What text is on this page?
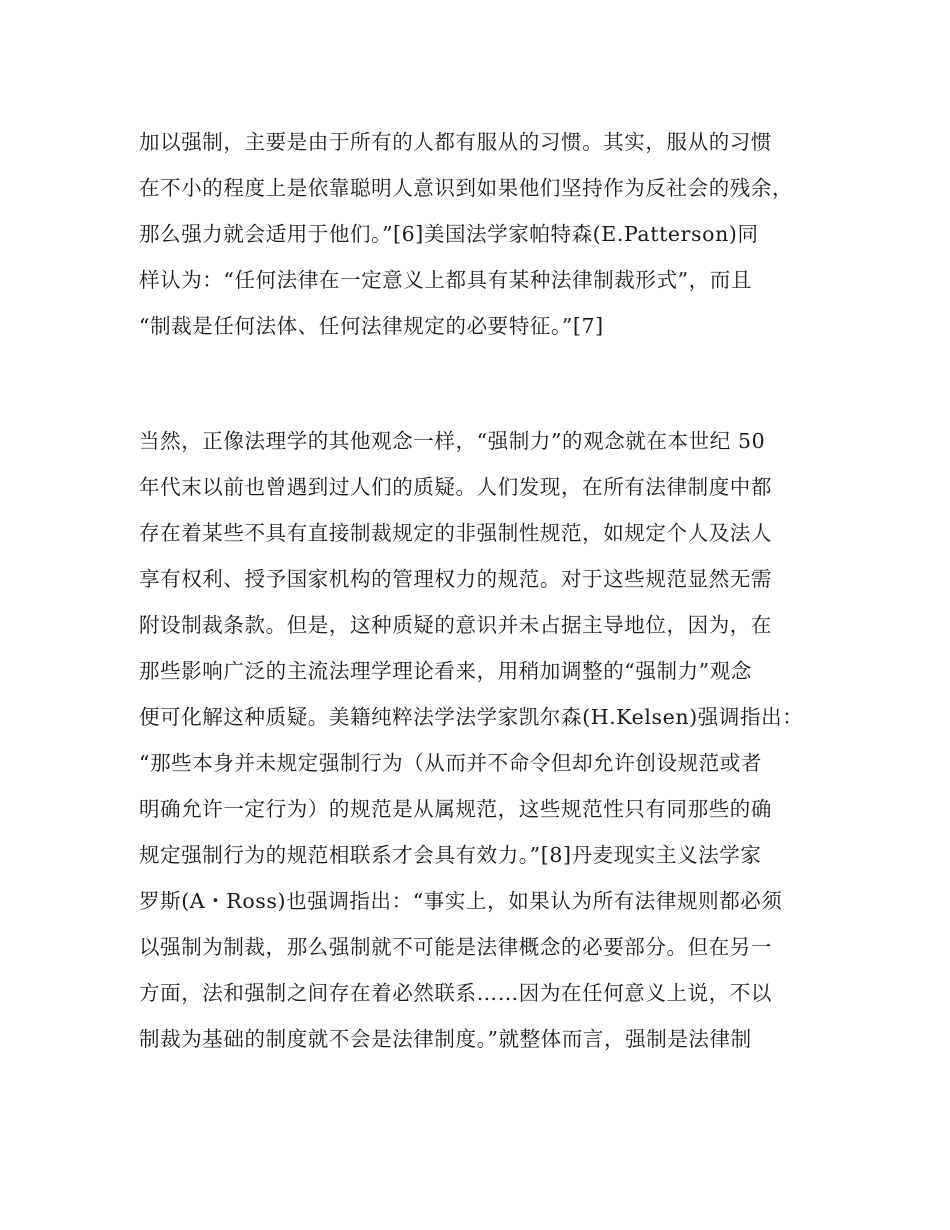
加以强制，主要是由于所有的人都有服从的习惯。其实，服从的习惯
在不小的程度上是依靠聪明人意识到如果他们坚持作为反社会的残余，
那么强力就会适用于他们。”[6]美国法学家帕特森(E.Patterson)同
样认为：“任何法律在一定意义上都具有某种法律制裁形式”，而且
“制裁是任何法体、任何法律规定的必要特征。”[7]
当然，正像法理学的其他观念一样，“强制力”的观念就在本世纪 50
年代末以前也曾遇到过人们的质疑。人们发现，在所有法律制度中都
存在着某些不具有直接制裁规定的非强制性规范，如规定个人及法人
享有权利、授予国家机构的管理权力的规范。对于这些规范显然无需
附设制裁条款。但是，这种质疑的意识并未占据主导地位，因为，在
那些影响广泛的主流法理学理论看来，用稍加调整的“强制力”观念
便可化解这种质疑。美籍纯粹法学法学家凯尔森(H.Kelsen)强调指出：
“那些本身并未规定强制行为（从而并不命令但却允许创设规范或者
明确允许一定行为）的规范是从属规范，这些规范性只有同那些的确
规定强制行为的规范相联系才会具有效力。”[8]丹麦现实主义法学家
罗斯(A・Ross)也强调指出：“事实上，如果认为所有法律规则都必须
以强制为制裁，那么强制就不可能是法律概念的必要部分。但在另一
方面，法和强制之间存在着必然联系……因为在任何意义上说，不以
制裁为基础的制度就不会是法律制度。”就整体而言，强制是法律制
